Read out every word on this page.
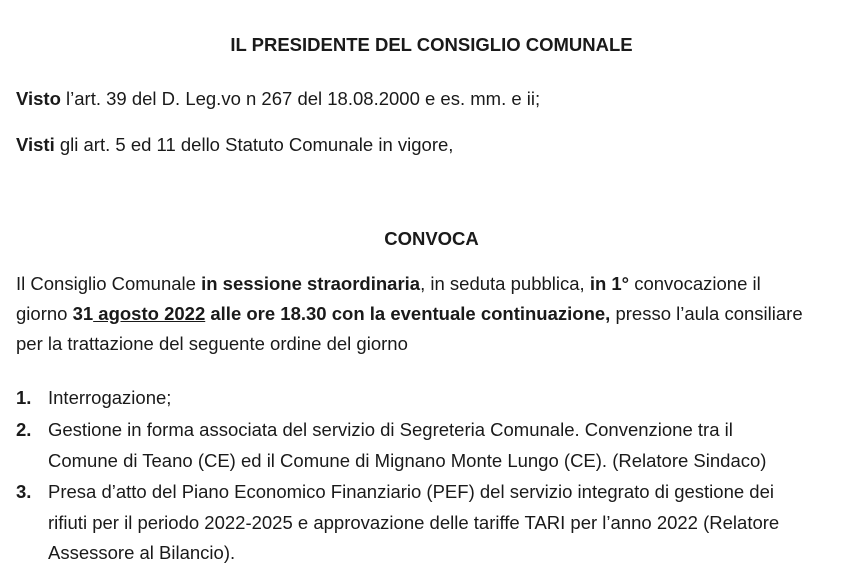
IL PRESIDENTE DEL CONSIGLIO COMUNALE
Visto l’art. 39 del D. Leg.vo n 267 del 18.08.2000 e es. mm. e ii;
Visti gli art. 5 ed 11 dello Statuto Comunale in vigore,
CONVOCA
Il Consiglio Comunale in sessione straordinaria, in seduta pubblica, in 1° convocazione il
giorno 31 agosto 2022 alle ore 18.30 con la eventuale continuazione, presso l’aula consiliare
per la trattazione del seguente ordine del giorno
1. Interrogazione;
2. Gestione in forma associata del servizio di Segreteria Comunale. Convenzione tra il
Comune di Teano (CE) ed il Comune di Mignano Monte Lungo (CE). (Relatore Sindaco)
3. Presa d’atto del Piano Economico Finanziario (PEF) del servizio integrato di gestione dei
rifiuti per il periodo 2022-2025 e approvazione delle tariffe TARI per l’anno 2022 (Relatore
Assessore al Bilancio).
